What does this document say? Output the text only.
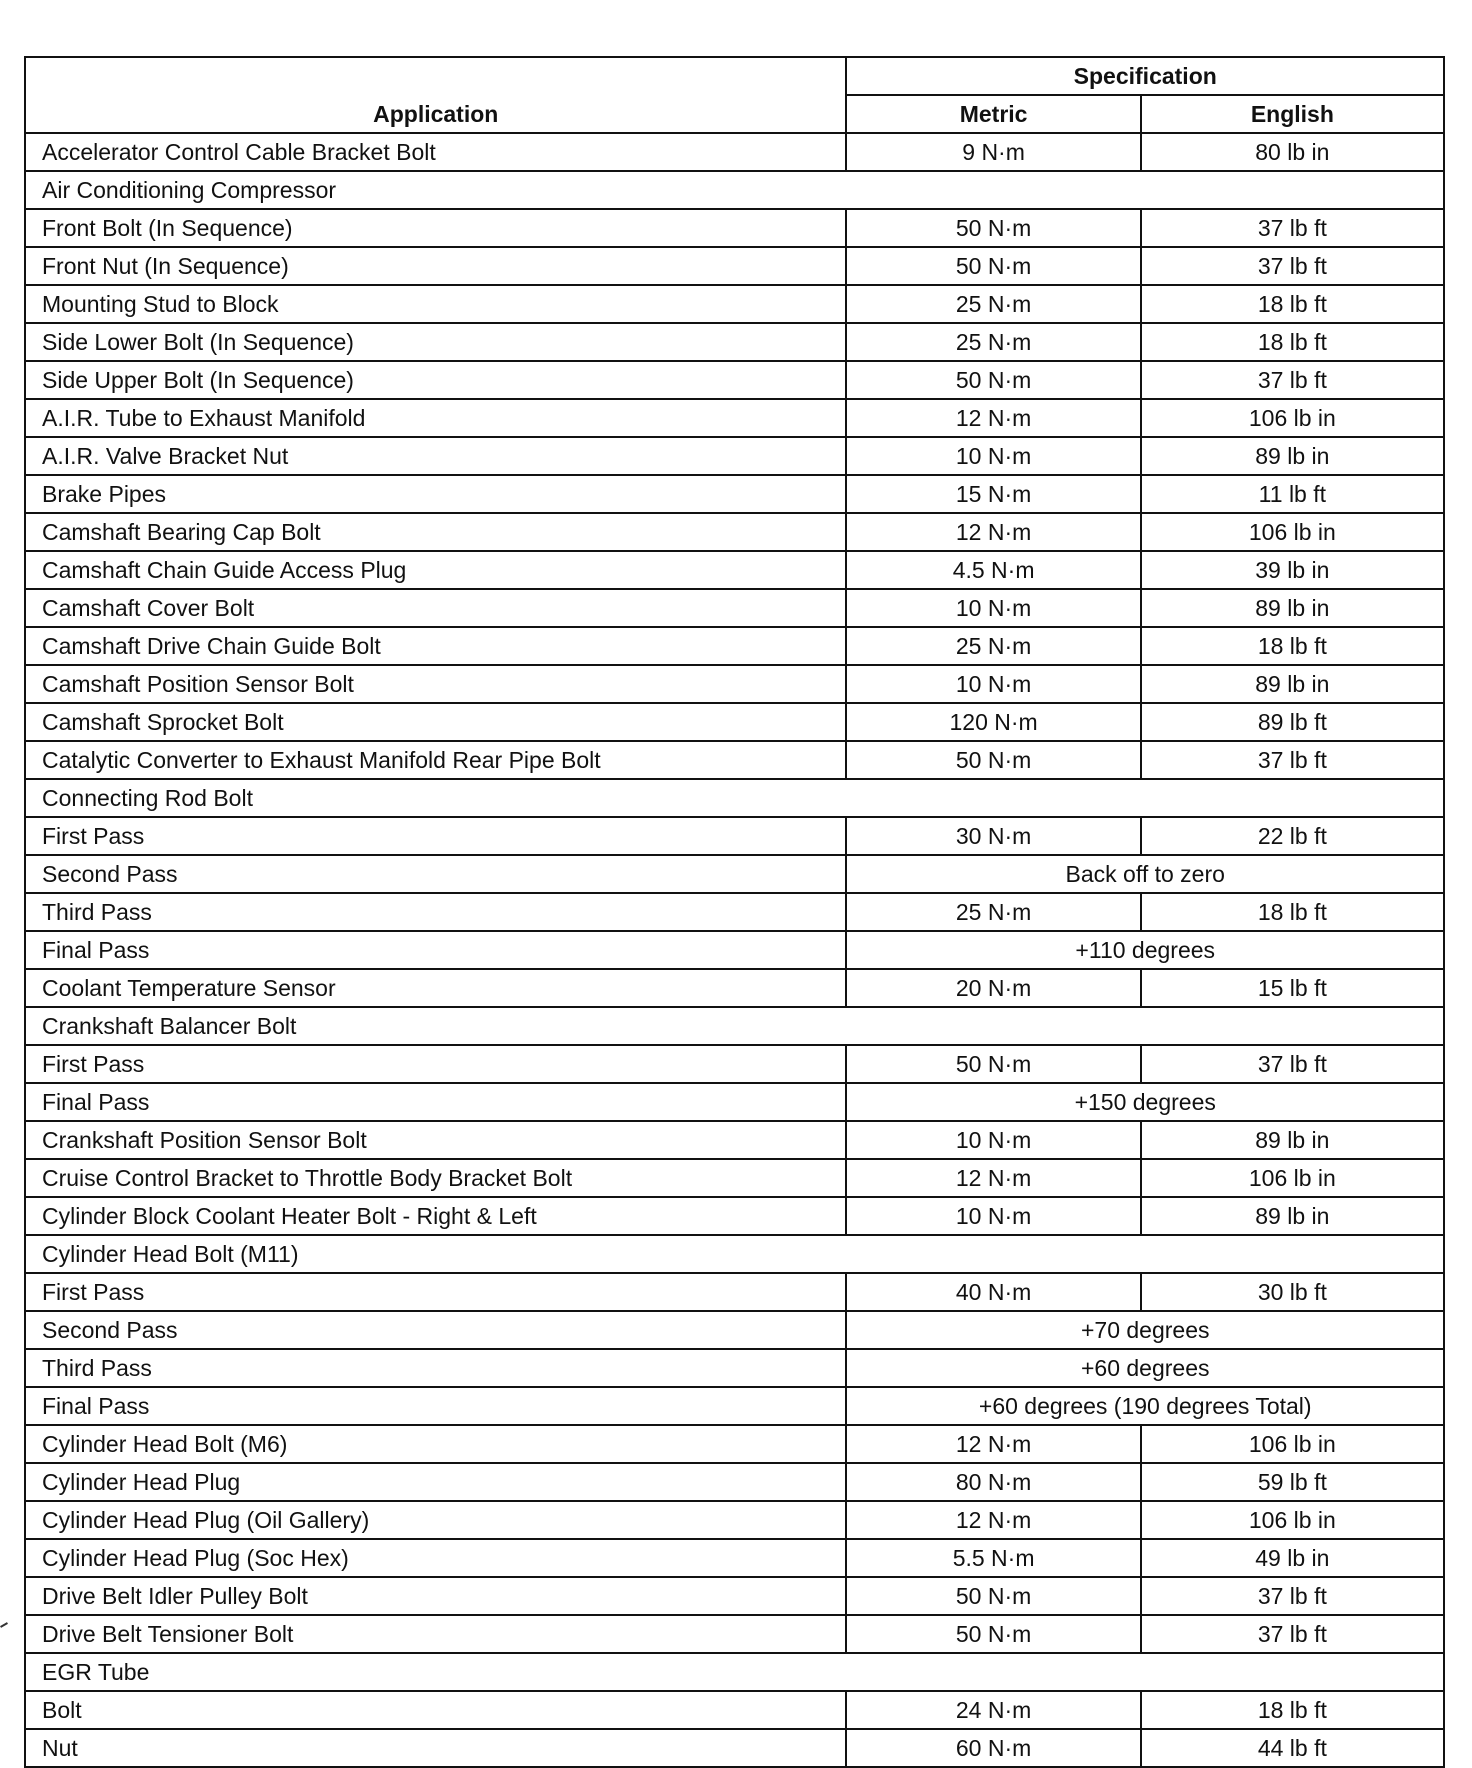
Application	Specification	
	Metric	English
Accelerator Control Cable Bracket Bolt	9 N·m	80 lb in
Air Conditioning Compressor		
Front Bolt (In Sequence)	50 N·m	37 lb ft
Front Nut (In Sequence)	50 N·m	37 lb ft
Mounting Stud to Block	25 N·m	18 lb ft
Side Lower Bolt (In Sequence)	25 N·m	18 lb ft
Side Upper Bolt (In Sequence)	50 N·m	37 lb ft
A.I.R. Tube to Exhaust Manifold	12 N·m	106 lb in
A.I.R. Valve Bracket Nut	10 N·m	89 lb in
Brake Pipes	15 N·m	11 lb ft
Camshaft Bearing Cap Bolt	12 N·m	106 lb in
Camshaft Chain Guide Access Plug	4.5 N·m	39 lb in
Camshaft Cover Bolt	10 N·m	89 lb in
Camshaft Drive Chain Guide Bolt	25 N·m	18 lb ft
Camshaft Position Sensor Bolt	10 N·m	89 lb in
Camshaft Sprocket Bolt	120 N·m	89 lb ft
Catalytic Converter to Exhaust Manifold Rear Pipe Bolt	50 N·m	37 lb ft
Connecting Rod Bolt		
First Pass	30 N·m	22 lb ft
Second Pass	Back off to zero	
Third Pass	25 N·m	18 lb ft
Final Pass	+110 degrees	
Coolant Temperature Sensor	20 N·m	15 lb ft
Crankshaft Balancer Bolt		
First Pass	50 N·m	37 lb ft
Final Pass	+150 degrees	
Crankshaft Position Sensor Bolt	10 N·m	89 lb in
Cruise Control Bracket to Throttle Body Bracket Bolt	12 N·m	106 lb in
Cylinder Block Coolant Heater Bolt - Right & Left	10 N·m	89 lb in
Cylinder Head Bolt (M11)		
First Pass	40 N·m	30 lb ft
Second Pass	+70 degrees	
Third Pass	+60 degrees	
Final Pass	+60 degrees (190 degrees Total)	
Cylinder Head Bolt (M6)	12 N·m	106 lb in
Cylinder Head Plug	80 N·m	59 lb ft
Cylinder Head Plug (Oil Gallery)	12 N·m	106 lb in
Cylinder Head Plug (Soc Hex)	5.5 N·m	49 lb in
Drive Belt Idler Pulley Bolt	50 N·m	37 lb ft
Drive Belt Tensioner Bolt	50 N·m	37 lb ft
EGR Tube		
Bolt	24 N·m	18 lb ft
Nut	60 N·m	44 lb ft
